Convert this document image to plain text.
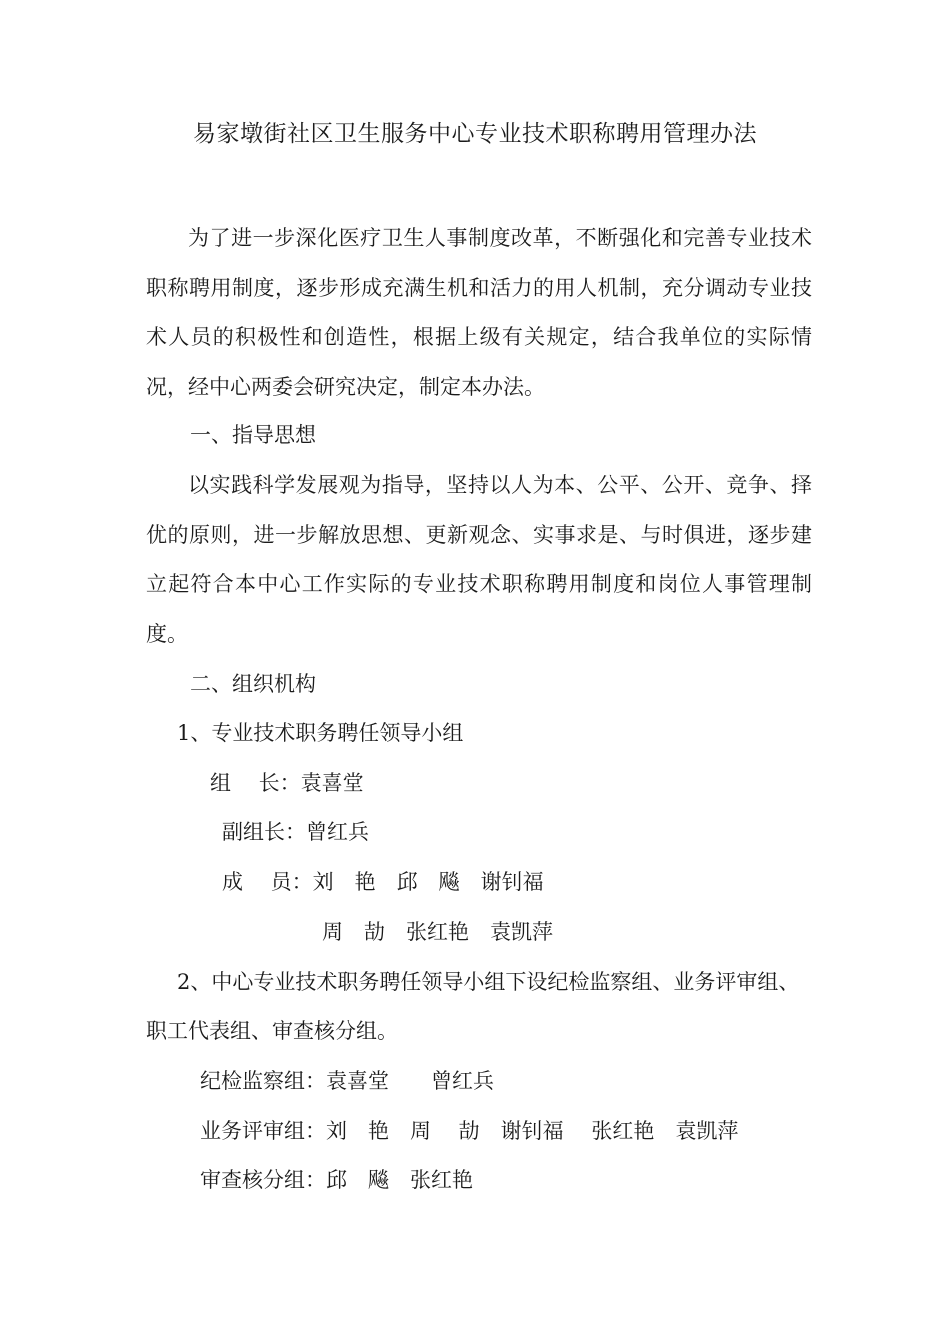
易家墩街社区卫生服务中心专业技术职称聘用管理办法

为了进一步深化医疗卫生人事制度改革，不断强化和完善专业技术职称聘用制度，逐步形成充满生机和活力的用人机制，充分调动专业技术人员的积极性和创造性，根据上级有关规定，结合我单位的实际情况，经中心两委会研究决定，制定本办法。

一、指导思想

以实践科学发展观为指导，坚持以人为本、公平、公开、竞争、择优的原则，进一步解放思想、更新观念、实事求是、与时俱进，逐步建立起符合本中心工作实际的专业技术职称聘用制度和岗位人事管理制度。

二、组织机构
1、专业技术职务聘任领导小组
组　 长：袁喜堂
副组长：曾红兵
成　 员：刘　艳　邱　飚　谢钊福
周　劼　张红艳　袁凯萍
2、中心专业技术职务聘任领导小组下设纪检监察组、业务评审组、
职工代表组、审查核分组。
纪检监察组：袁喜堂　　曾红兵
业务评审组：刘　艳　周　 劼　谢钊福　 张红艳　袁凯萍
审查核分组：邱　飚　张红艳
